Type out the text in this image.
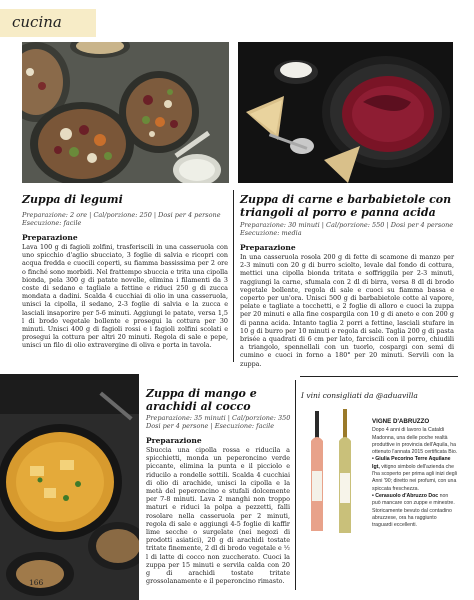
cucina
Zuppa di legumi
Preparazione: 2 ore | Cal/porzione: 250 | Dosi per 4 persone
Esecuzione: facile
Preparazione

Lava 100 g di fagioli zolfini, trasferiscili in una casseruola con uno spicchio d'aglio sbucciato, 3 foglie di salvia e ricopri con acqua fredda e cuocili coperti, su fiamma bassissima per 2 ore o finché sono morbidi. Nel frattempo sbuccia e trita una cipolla bionda, pela 300 g di patate novelle, elimina i filamenti da 3 coste di sedano e tagliale a fettine e riduci 250 g di zucca mondata a dadini. Scalda 4 cucchiai di olio in una casseruola, unisci la cipolla, il sedano, 2-3 foglie di salvia e la zucca e lasciali insaporire per 5-6 minuti. Aggiungi le patate, versa 1,5 l di brodo vegetale bollente e prosegui la cottura per 30 minuti. Unisci 400 g di fagioli rossi e i fagioli zolfini scolati e prosegui la cottura per altri 20 minuti. Regola di sale e pepe, unisci un filo di olio extravergine di oliva e porta in tavola.

Zuppa di carne e barbabietole con triangoli al porro e panna acida
Preparazione: 30 minuti | Cal/porzione: 550 | Dosi per 4 persone
Esecuzione: media
Preparazione

In una casseruola rosola 200 g di fette di scamone di manzo per 2-3 minuti con 20 g di burro sciolto, levale dal fondo di cottura, mettici una cipolla bionda tritata e soffriggila per 2-3 minuti, raggiungi la carne, sfumala con 2 dl di birra, versa 8 dl di brodo vegetale bollente, regola di sale e cuoci su fiamma bassa e coperto per un'ora. Unisci 500 g di barbabietole cotte al vapore, pelate e tagliate a tocchetti, e 2 foglie di alloro e cuoci la zuppa per 20 minuti e alla fine cospargila con 10 g di aneto e con 200 g di panna acida. Intanto taglia 2 porri a fettine, lasciali stufare in 10 g di burro per 10 minuti e regola di sale. Taglia 200 g di pasta brisée a quadrati di 6 cm per lato, farciscili con il porro, chiudili a triangolo, spennellali con un tuorlo, cospargi con semi di cumino e cuoci in forno a 180° per 20 minuti. Servili con la zuppa.

Zuppa di mango e arachidi al cocco
Preparazione: 35 minuti | Cal/porzione: 350
Dosi per 4 persone | Esecuzione: facile
Preparazione

Sbuccia una cipolla rossa e riducila a spicchietti, monda un peperoncino verde piccante, elimina la punta e il picciolo e riducilo a rondelle sottili. Scalda 4 cucchiai di olio di arachide, unisci la cipolla e la metà del peperoncino e stufali dolcemente per 7-8 minuti. Lava 2 manghi non troppo maturi e riduci la polpa a pezzetti, falli rosolare nella casseruola per 2 minuti, regola di sale e aggiungi 4-5 foglie di kaffir lime secche o surgelate (nei negozi di prodotti asiatici), 20 g di arachidi tostate tritate finemente, 2 dl di brodo vegetale e ½ l di latte di cocco non zuccherato. Cuoci la zuppa per 15 minuti e servila calda con 20 g di arachidi tostate tritate grossolanamente e il peperoncino rimasto.

I vini consigliati da @aduavilla
VIGNE D'ABRUZZO
Dopo 4 anni di lavoro la Cataldi Madonna, una delle poche realtà produttive in provincia dell'Aquila, ha ottenuto l'annata 2015 certificata Bio.
• Giulia Pecorino Terre Aquilane Igt, vitigno simbolo dell'azienda che l'ha scoperto per prima agli inizi degli Anni '90; diretto nei profumi, con una spiccata freschezza.
• Cerasuolo d'Abruzzo Doc non può mancare con zuppe e minestre. Storicamente bevuto dal contadino abruzzese, ora ha raggiunto traguardi eccellenti.
166
